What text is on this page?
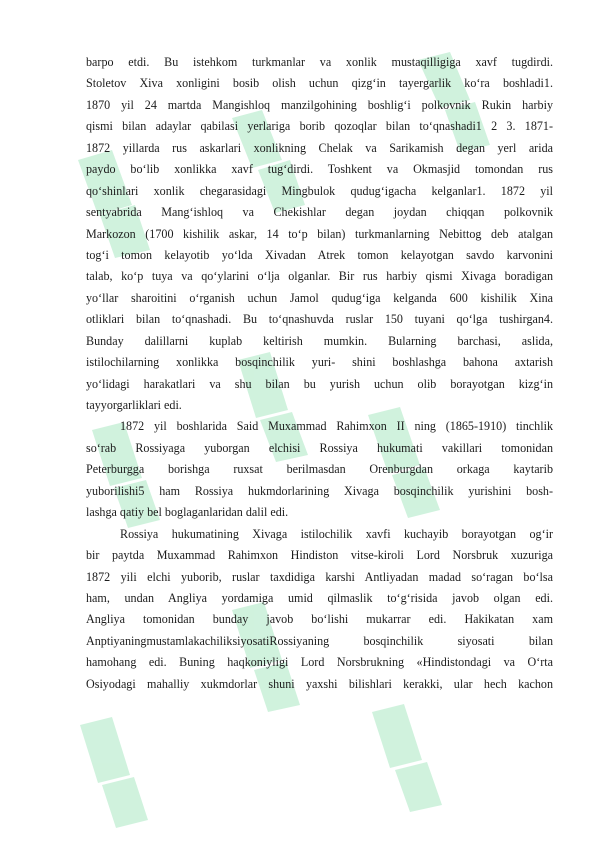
barpo etdi. Bu istehkom turkmanlar va xonlik mustaqilligiga xavf tugdirdi.
Stoletov Xiva xonligini bosib olish uchun qizg‘in tayergarlik ko‘ra boshladi1.
1870 yil 24 martda Mangishloq manzilgohining boshlig‘i polkovnik Rukin harbiy
qismi bilan adaylar qabilasi yerlariga borib qozoqlar bilan to‘qnashadi1 2 3. 1871-
1872 yillarda rus askarlari xonlikning Chelak va Sarikamish degan yerl arida
paydo bo‘lib xonlikka xavf tug‘dirdi. Toshkent va Okmasjid tomondan rus
qo‘shinlari xonlik chegarasidagi Mingbulok qudug‘igacha kelganlar1. 1872 yil
sentyabrida Mang‘ishloq va Chekishlar degan joydan chiqqan polkovnik
Markozon (1700 kishilik askar, 14 to‘p bilan) turkmanlarning Nebittog deb atalgan
tog‘i tomon kelayotib yo‘lda Xivadan Atrek tomon kelayotgan savdo karvonini
talab, ko‘p tuya va qo‘ylarini o‘lja olganlar. Bir rus harbiy qismi Xivaga boradigan
yo‘llar sharoitini o‘rganish uchun Jamol qudug‘iga kelganda 600 kishilik Xina
otliklari bilan to‘qnashadi. Bu to‘qnashuvda ruslar 150 tuyani qo‘lga tushirgan4.
Bunday dalillarni kuplab keltirish mumkin. Bularning barchasi, aslida,
istilochilarning xonlikka bosqinchilik yuri- shini boshlashga bahona axtarish
yo‘lidagi harakatlari va shu bilan bu yurish uchun olib borayotgan kizg‘in
tayyorgarliklari edi.
1872 yil boshlarida Said Muxammad Rahimxon II ning (1865-1910) tinchlik
so‘rab Rossiyaga yuborgan elchisi Rossiya hukumati vakillari tomonidan
Peterburgga borishga ruxsat berilmasdan Orenburgdan orkaga kaytarib
yuborilishi5 ham Rossiya hukmdorlarining Xivaga bosqinchilik yurishini bosh-
lashga qatiy bel boglaganlaridan dalil edi.
Rossiya hukumatining Xivaga istilochilik xavfi kuchayib borayotgan og‘ir
bir paytda Muxammad Rahimxon Hindiston vitse-kiroli Lord Norsbruk xuzuriga
1872 yili elchi yuborib, ruslar taxdidiga karshi Antliyadan madad so‘ragan bo‘lsa
ham, undan Angliya yordamiga umid qilmaslik to‘g‘risida javob olgan edi.
Angliya tomonidan bunday javob bo‘lishi mukarrar edi. Hakikatan xam
AnptiyaningmustamlakachiliksiyosatiRossiyaning bosqinchilik siyosati bilan
hamohang edi. Buning haqkoniyligi Lord Norsbrukning «Hindistondagi va O‘rta
Osiyodagi mahalliy xukmdorlar shuni yaxshi bilishlari kerakki, ular hech kachon
